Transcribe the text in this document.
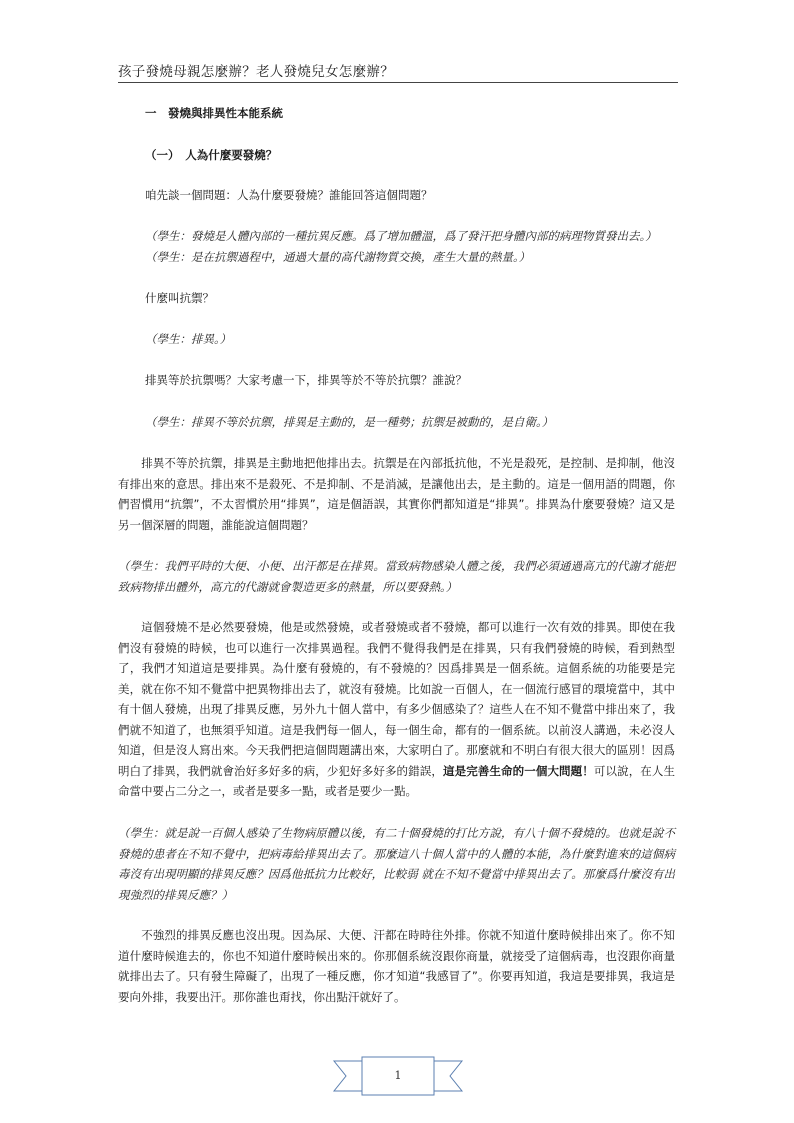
孩子發燒母親怎麼辦？老人發燒兒女怎麼辦？

一　發燒與排異性本能系統

（一）　人為什麼要發燒？

咱先談一個問題：人為什麼要發燒？誰能回答這個問題？

（學生：發燒是人體內部的一種抗異反應。爲了增加體溫，爲了發汗把身體內部的病理物質發出去。）

（學生：是在抗禦過程中，通過大量的高代謝物質交換，產生大量的熱量。）

什麼叫抗禦？

（學生：排異。）

排異等於抗禦嗎？大家考慮一下，排異等於不等於抗禦？誰說？

（學生：排異不等於抗禦，排異是主動的，是一種勢；抗禦是被動的，是自衛。）

　　排異不等於抗禦，排異是主動地把他排出去。抗禦是在內部抵抗他，不光是殺死，是控制、是抑制，他沒有排出來的意思。排出來不是殺死、不是抑制、不是消滅，是讓他出去，是主動的。這是一個用語的問題，你們習慣用“抗禦”，不太習慣於用“排異”，這是個語誤，其實你們都知道是“排異”。排異為什麼要發燒？這又是另一個深層的問題，誰能說這個問題？

（學生：我們平時的大便、小便、出汗都是在排異。當致病物感染人體之後，我們必須通過高亢的代謝才能把致病物排出體外，高亢的代謝就會製造更多的熱量，所以要發熱。）

　　這個發燒不是必然要發燒，他是或然發燒，或者發燒或者不發燒，都可以進行一次有效的排異。即使在我們沒有發燒的時候，也可以進行一次排異過程。我們不覺得我們是在排異，只有我們發燒的時候，看到熱型了，我們才知道這是要排異。為什麼有發燒的，有不發燒的？因爲排異是一個系統。這個系統的功能要是完美，就在你不知不覺當中把異物排出去了，就沒有發燒。比如說一百個人，在一個流行感冒的環境當中，其中有十個人發燒，出現了排異反應，另外九十個人當中，有多少個感染了？這些人在不知不覺當中排出來了，我們就不知道了，也無須乎知道。這是我們每一個人，每一個生命，都有的一個系統。以前沒人講過，未必沒人知道，但是沒人寫出來。今天我們把這個問題講出來，大家明白了。那麼就和不明白有很大很大的區別！因爲明白了排異，我們就會治好多好多的病，少犯好多好多的錯誤，這是完善生命的一個大問題！可以說，在人生命當中要占二分之一，或者是要多一點，或者是要少一點。

（學生：就是說一百個人感染了生物病原體以後，有二十個發燒的打比方說，有八十個不發燒的。也就是說不發燒的患者在不知不覺中，把病毒給排異出去了。那麼這八十個人當中的人體的本能，為什麼對進來的這個病毒沒有出現明顯的排異反應？因爲他抵抗力比較好，比較弱 就在不知不覺當中排異出去了。那麼爲什麼沒有出現強烈的排異反應？）

　　不強烈的排異反應也沒出現。因為尿、大便、汗都在時時往外排。你就不知道什麼時候排出來了。你不知道什麼時候進去的，你也不知道什麼時候出來的。你那個系統沒跟你商量，就接受了這個病毒，也沒跟你商量就排出去了。只有發生障礙了，出現了一種反應，你才知道“我感冒了”。你要再知道，我這是要排異，我這是要向外排，我要出汗。那你誰也甭找，你出點汗就好了。

1
